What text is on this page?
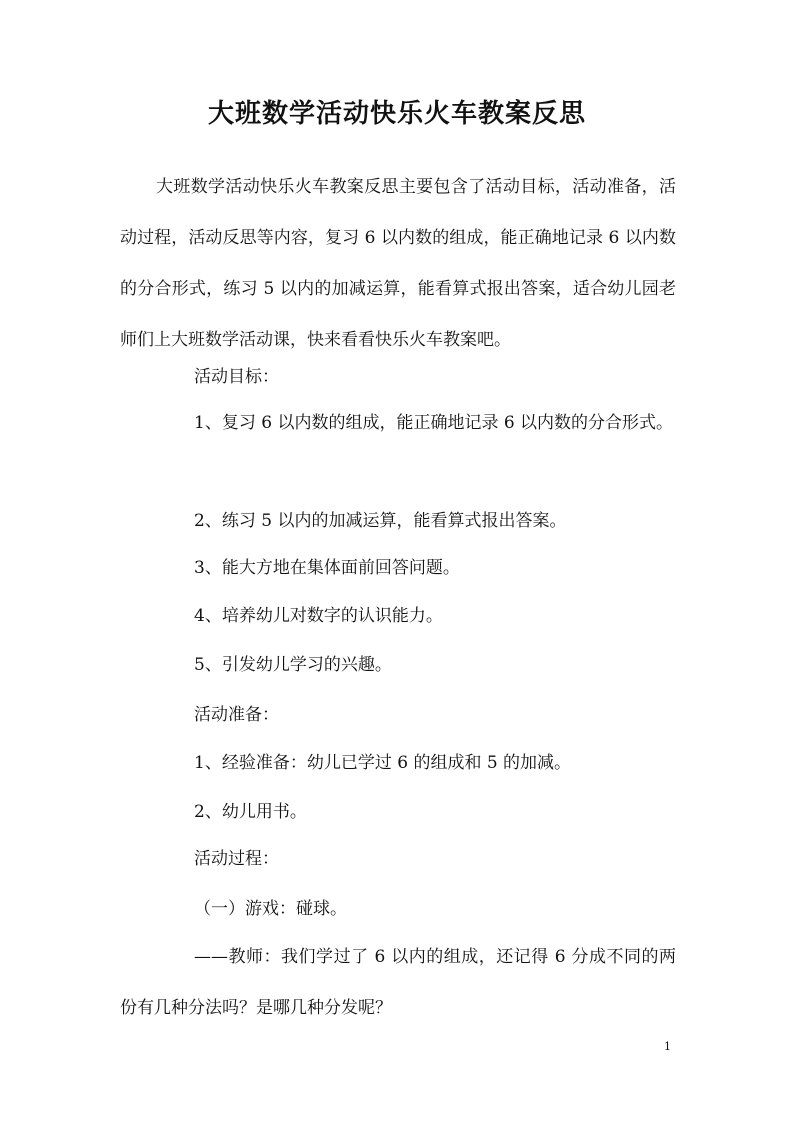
大班数学活动快乐火车教案反思
大班数学活动快乐火车教案反思主要包含了活动目标，活动准备，活动过程，活动反思等内容，复习 6 以内数的组成，能正确地记录 6 以内数的分合形式，练习 5 以内的加减运算，能看算式报出答案，适合幼儿园老师们上大班数学活动课，快来看看快乐火车教案吧。
活动目标：
1、复习 6 以内数的组成，能正确地记录 6 以内数的分合形式。
2、练习 5 以内的加减运算，能看算式报出答案。
3、能大方地在集体面前回答问题。
4、培养幼儿对数字的认识能力。
5、引发幼儿学习的兴趣。
活动准备：
1、经验准备：幼儿已学过 6 的组成和 5 的加减。
2、幼儿用书。
活动过程：
（一）游戏：碰球。
——教师：我们学过了 6 以内的组成，还记得 6 分成不同的两份有几种分法吗？是哪几种分发呢？
1
